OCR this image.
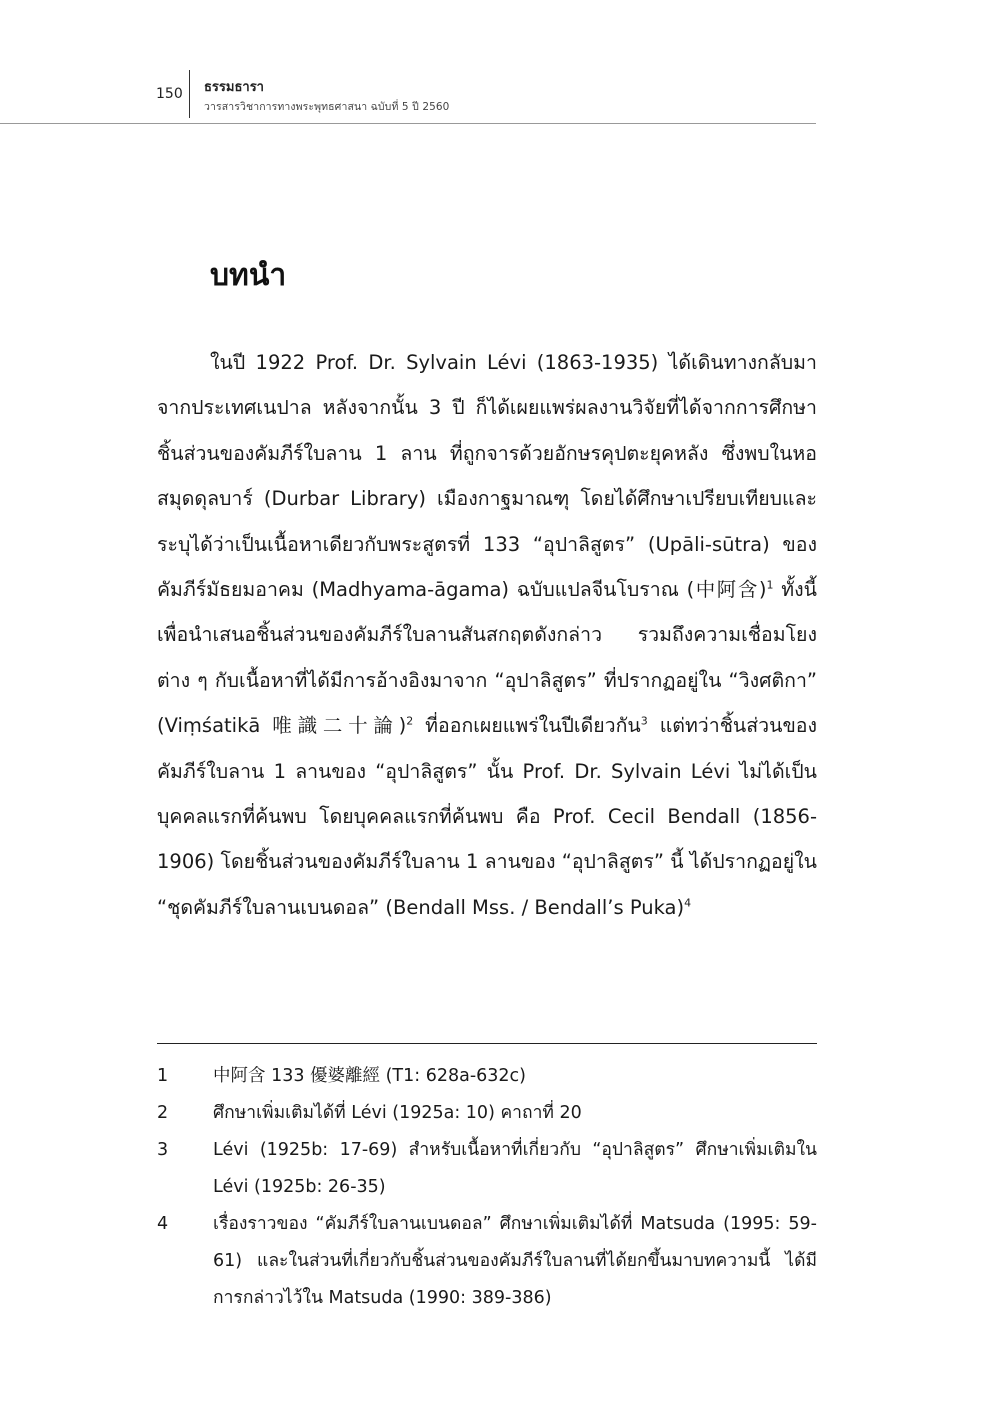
150 ธรรมธารา
วารสารวิชาการทางพระพุทธศาสนา ฉบับที่ 5 ปี 2560
บทนำ

ในปี 1922 Prof. Dr. Sylvain Lévi (1863-1935) ได้เดินทางกลับมาจากประเทศเนปาล หลังจากนั้น 3 ปี ก็ได้เผยแพร่ผลงานวิจัยที่ได้จากการศึกษาชิ้นส่วนของคัมภีร์ใบลาน 1 ลาน ที่ถูกจารด้วยอักษรคุปตะยุคหลัง ซึ่งพบในหอสมุดดุลบาร์ (Durbar Library) เมืองกาฐมาณฑุ โดยได้ศึกษาเปรียบเทียบและระบุได้ว่าเป็นเนื้อหาเดียวกับพระสูตรที่ 133 “อุปาลิสูตร” (Upāli-sūtra) ของคัมภีร์มัธยมอาคม (Madhyama-āgama) ฉบับแปลจีนโบราณ (中阿含)$^1$ ทั้งนี้เพื่อนำเสนอชิ้นส่วนของคัมภีร์ใบลานสันสกฤตดังกล่าว รวมถึงความเชื่อมโยงต่าง ๆ กับเนื้อหาที่ได้มีการอ้างอิงมาจาก “อุปาลิสูตร” ที่ปรากฏอยู่ใน “วิงศติกา” (Viṃśatikā 唯識二十論)$^2$ ที่ออกเผยแพร่ในปีเดียวกัน$^3$ แต่ทว่าชิ้นส่วนของคัมภีร์ใบลาน 1 ลานของ “อุปาลิสูตร” นั้น Prof. Dr. Sylvain Lévi ไม่ได้เป็นบุคคลแรกที่ค้นพบ โดยบุคคลแรกที่ค้นพบ คือ Prof. Cecil Bendall (1856-1906) โดยชิ้นส่วนของคัมภีร์ใบลาน 1 ลานของ “อุปาลิสูตร” นี้ ได้ปรากฏอยู่ใน “ชุดคัมภีร์ใบลานเบนดอล” (Bendall Mss. / Bendall’s Puka)$^4$

1	中阿含 133 優婆離經 (T1: 628a-632c)
2	ศึกษาเพิ่มเติมได้ที่ Lévi (1925a: 10) คาถาที่ 20
3	Lévi (1925b: 17-69) สำหรับเนื้อหาที่เกี่ยวกับ “อุปาลิสูตร” ศึกษาเพิ่มเติมใน Lévi (1925b: 26-35)
4	เรื่องราวของ “คัมภีร์ใบลานเบนดอล” ศึกษาเพิ่มเติมได้ที่ Matsuda (1995: 59-61) และในส่วนที่เกี่ยวกับชิ้นส่วนของคัมภีร์ใบลานที่ได้ยกขึ้นมาบทความนี้ ได้มีการกล่าวไว้ใน Matsuda (1990: 389-386)
